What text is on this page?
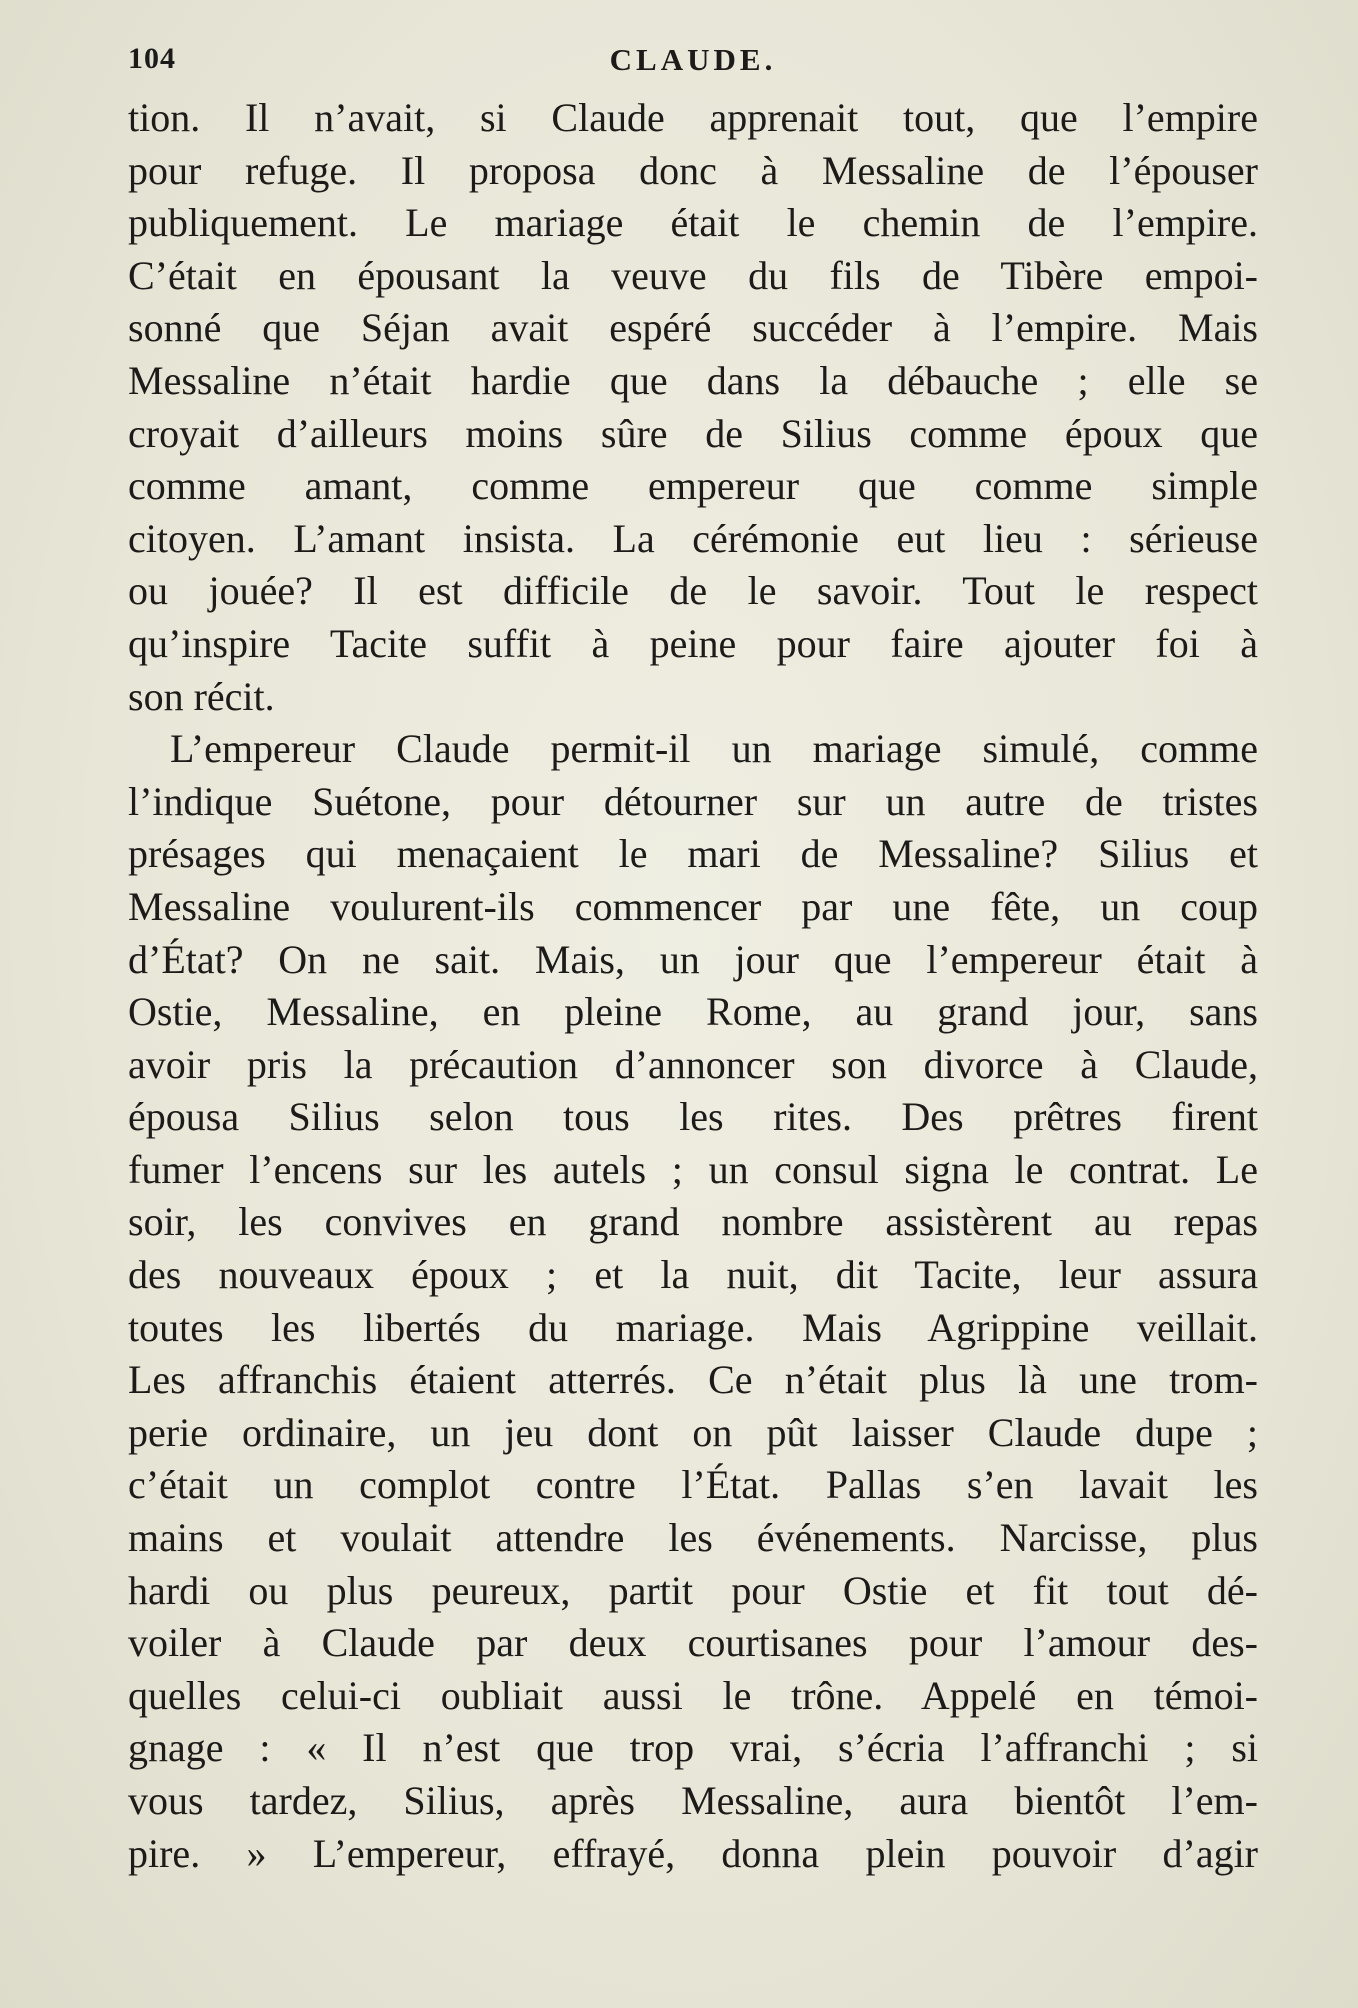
104	CLAUDE.
tion. Il n’avait, si Claude apprenait tout, que l’empire
pour refuge. Il proposa donc à Messaline de l’épouser
publiquement. Le mariage était le chemin de l’empire.
C’était en épousant la veuve du fils de Tibère empoi-
sonné que Séjan avait espéré succéder à l’empire. Mais
Messaline n’était hardie que dans la débauche ; elle se
croyait d’ailleurs moins sûre de Silius comme époux que
comme amant, comme empereur que comme simple
citoyen. L’amant insista. La cérémonie eut lieu : sérieuse
ou jouée? Il est difficile de le savoir. Tout le respect
qu’inspire Tacite suffit à peine pour faire ajouter foi à
son récit.
L’empereur Claude permit-il un mariage simulé, comme
l’indique Suétone, pour détourner sur un autre de tristes
présages qui menaçaient le mari de Messaline? Silius et
Messaline voulurent-ils commencer par une fête, un coup
d’État? On ne sait. Mais, un jour que l’empereur était à
Ostie, Messaline, en pleine Rome, au grand jour, sans
avoir pris la précaution d’annoncer son divorce à Claude,
épousa Silius selon tous les rites. Des prêtres firent
fumer l’encens sur les autels ; un consul signa le contrat. Le
soir, les convives en grand nombre assistèrent au repas
des nouveaux époux ; et la nuit, dit Tacite, leur assura
toutes les libertés du mariage. Mais Agrippine veillait.
Les affranchis étaient atterrés. Ce n’était plus là une trom-
perie ordinaire, un jeu dont on pût laisser Claude dupe ;
c’était un complot contre l’État. Pallas s’en lavait les
mains et voulait attendre les événements. Narcisse, plus
hardi ou plus peureux, partit pour Ostie et fit tout dé-
voiler à Claude par deux courtisanes pour l’amour des-
quelles celui-ci oubliait aussi le trône. Appelé en témoi-
gnage : « Il n’est que trop vrai, s’écria l’affranchi ; si
vous tardez, Silius, après Messaline, aura bientôt l’em-
pire. » L’empereur, effrayé, donna plein pouvoir d’agir
